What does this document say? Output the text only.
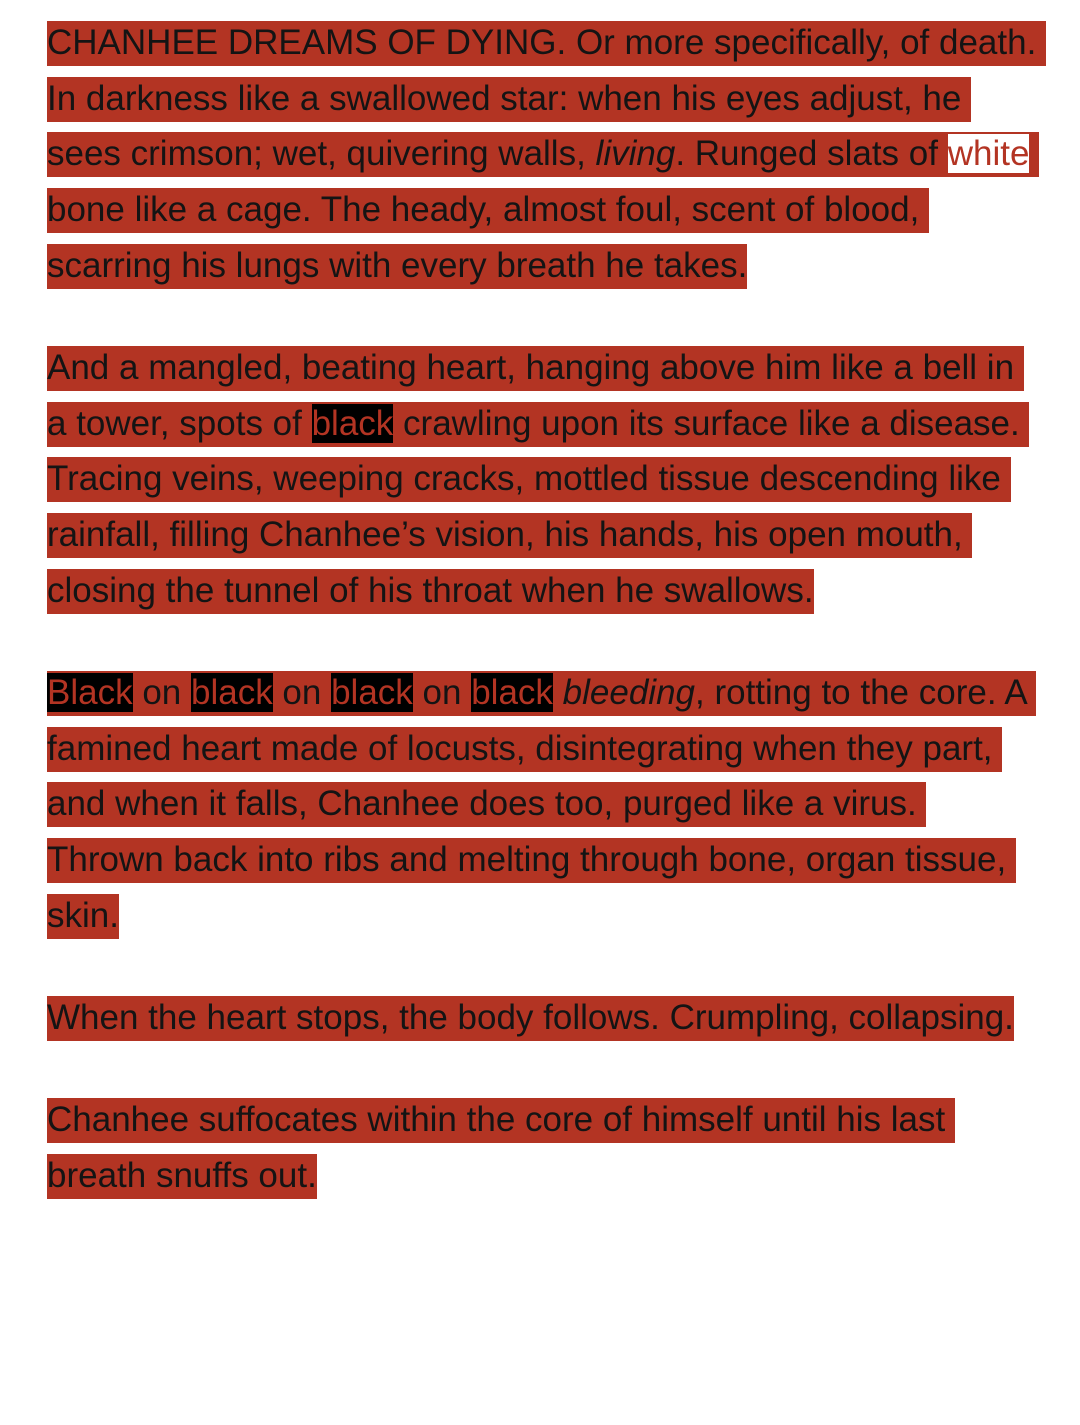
CHANHEE DREAMS OF DYING. Or more specifically, of death. In darkness like a swallowed star: when his eyes adjust, he sees crimson; wet, quivering walls, living. Runged slats of white bone like a cage. The heady, almost foul, scent of blood, scarring his lungs with every breath he takes.

And a mangled, beating heart, hanging above him like a bell in a tower, spots of black crawling upon its surface like a disease. Tracing veins, weeping cracks, mottled tissue descending like rainfall, filling Chanhee’s vision, his hands, his open mouth, closing the tunnel of his throat when he swallows.

Black on black on black on black bleeding, rotting to the core. A famined heart made of locusts, disintegrating when they part, and when it falls, Chanhee does too, purged like a virus. Thrown back into ribs and melting through bone, organ tissue, skin.

When the heart stops, the body follows. Crumpling, collapsing.

Chanhee suffocates within the core of himself until his last breath snuffs out.
